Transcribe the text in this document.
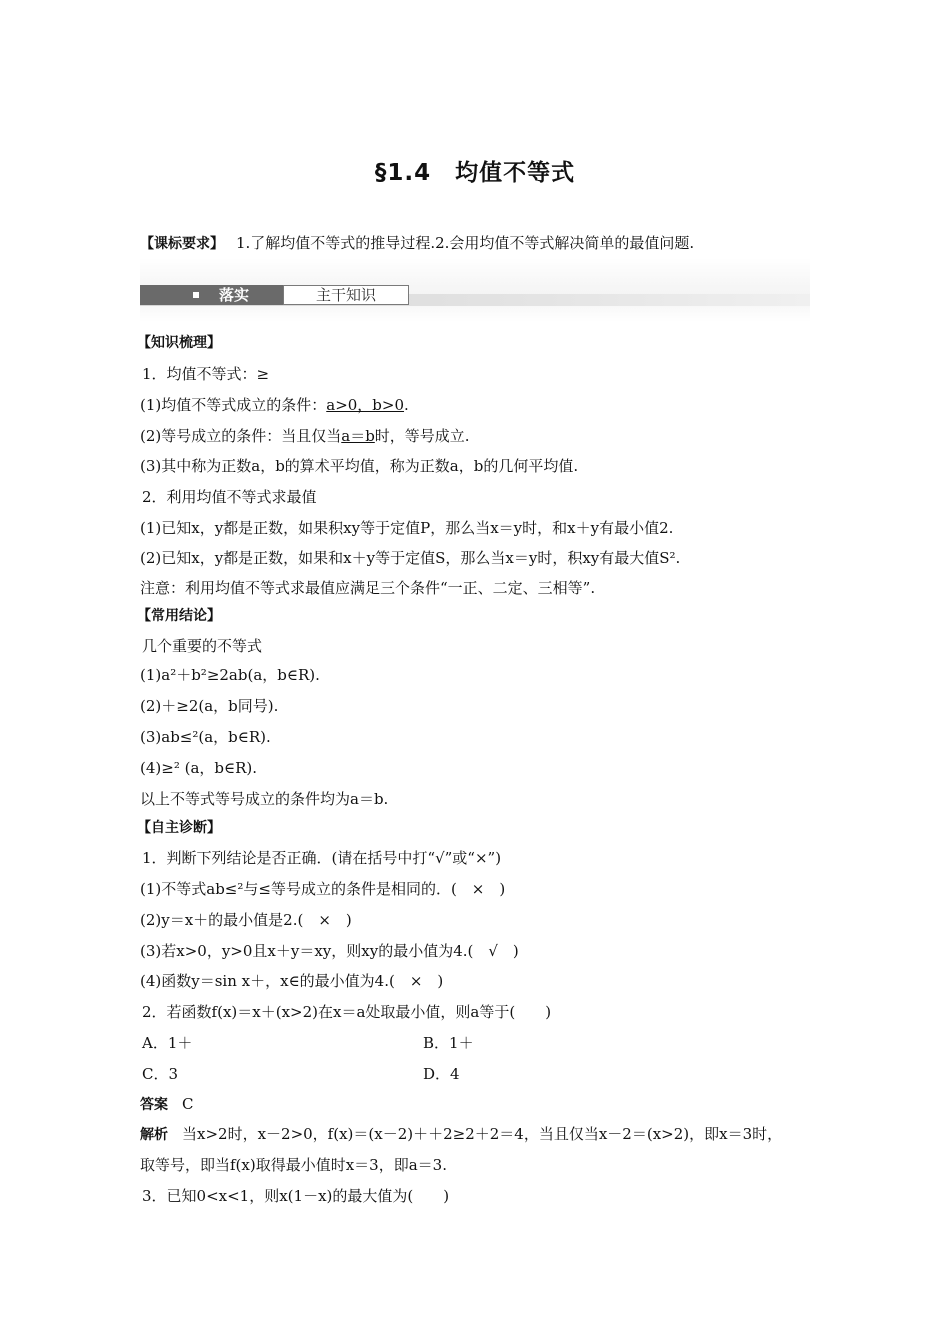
§1.4　均值不等式
【课标要求】 1.了解均值不等式的推导过程.2.会用均值不等式解决简单的最值问题.
落实	主干知识
【知识梳理】
1．均值不等式：≥
(1)均值不等式成立的条件：a>0，b>0.
(2)等号成立的条件：当且仅当a＝b时，等号成立.
(3)其中称为正数a，b的算术平均值，称为正数a，b的几何平均值.
2．利用均值不等式求最值
(1)已知x，y都是正数，如果积xy等于定值P，那么当x＝y时，和x＋y有最小值2.
(2)已知x，y都是正数，如果和x＋y等于定值S，那么当x＝y时，积xy有最大值S².
注意：利用均值不等式求最值应满足三个条件“一正、二定、三相等”.
【常用结论】
几个重要的不等式
(1)a²＋b²≥2ab(a，b∈R).
(2)＋≥2(a，b同号).
(3)ab≤²(a，b∈R).
(4)≥² (a，b∈R).
以上不等式等号成立的条件均为a＝b.
【自主诊断】
1．判断下列结论是否正确．(请在括号中打“√”或“×”)
(1)不等式ab≤²与≤等号成立的条件是相同的．(　×　)
(2)y＝x＋的最小值是2.(　×　)
(3)若x>0，y>0且x＋y＝xy，则xy的最小值为4.(　√　)
(4)函数y＝sin x＋，x∈的最小值为4.(　×　)
2．若函数f(x)＝x＋(x>2)在x＝a处取最小值，则a等于(　　)
A．1＋	B．1＋
C．3	D．4
答案 C
解析 当x>2时，x－2>0，f(x)＝(x－2)＋＋2≥2＋2＝4，当且仅当x－2＝(x>2)，即x＝3时，
取等号，即当f(x)取得最小值时x＝3，即a＝3.
3．已知0<x<1，则x(1－x)的最大值为(　　)
